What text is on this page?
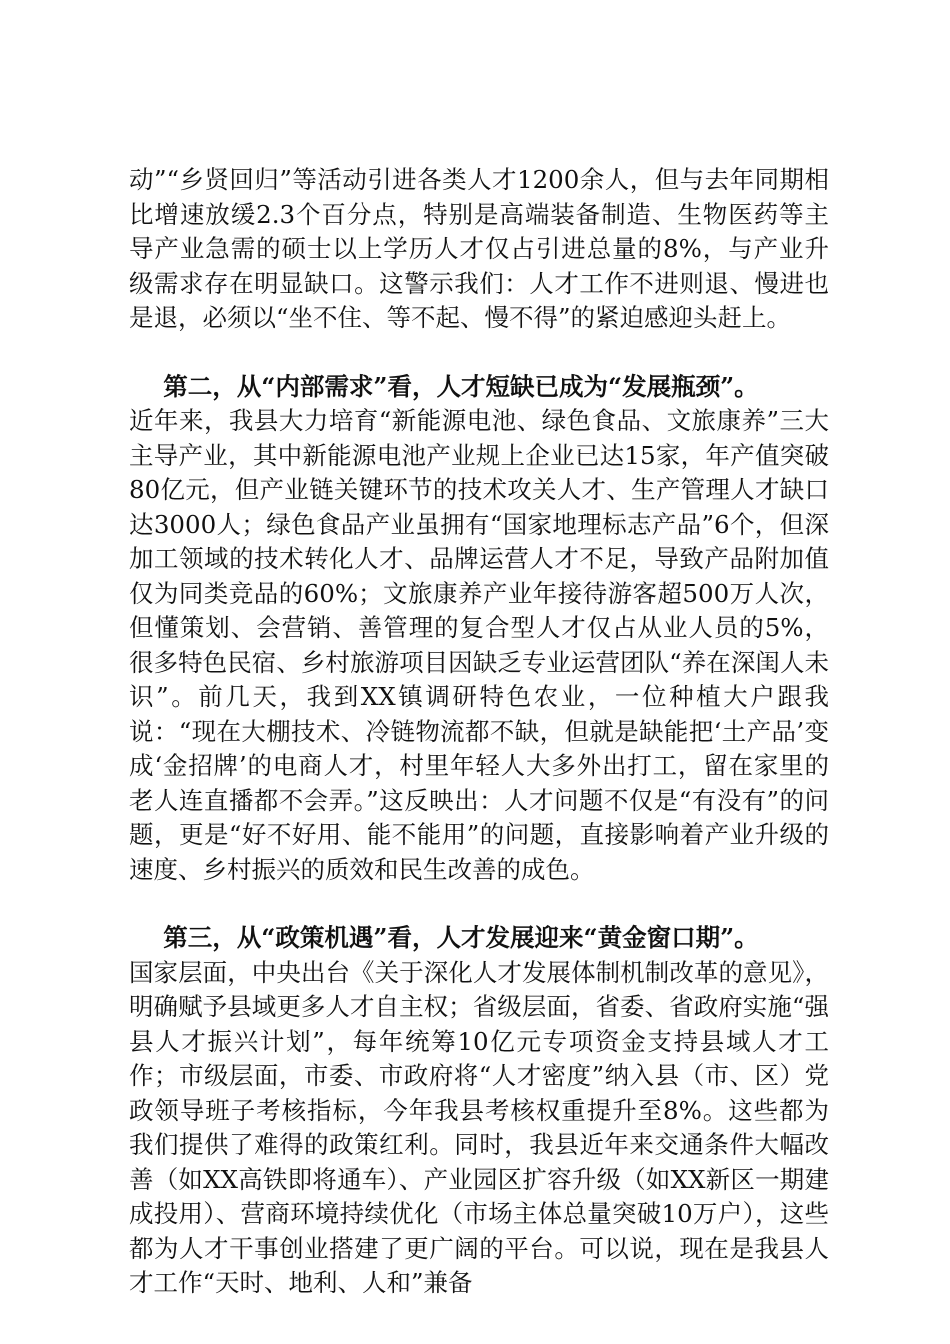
动”“乡贤回归”等活动引进各类人才1200余人，但与去年同期相比增速放缓2.3个百分点，特别是高端装备制造、生物医药等主导产业急需的硕士以上学历人才仅占引进总量的8%，与产业升级需求存在明显缺口。这警示我们：人才工作不进则退、慢进也是退，必须以“坐不住、等不起、慢不得”的紧迫感迎头赶上。

第二，从“内部需求”看，人才短缺已成为“发展瓶颈”。
近年来，我县大力培育“新能源电池、绿色食品、文旅康养”三大主导产业，其中新能源电池产业规上企业已达15家，年产值突破80亿元，但产业链关键环节的技术攻关人才、生产管理人才缺口达3000人；绿色食品产业虽拥有“国家地理标志产品”6个，但深加工领域的技术转化人才、品牌运营人才不足，导致产品附加值仅为同类竞品的60%；文旅康养产业年接待游客超500万人次，但懂策划、会营销、善管理的复合型人才仅占从业人员的5%，很多特色民宿、乡村旅游项目因缺乏专业运营团队“养在深闺人未识”。前几天，我到XX镇调研特色农业，一位种植大户跟我说：“现在大棚技术、冷链物流都不缺，但就是缺能把‘土产品’变成‘金招牌’的电商人才，村里年轻人大多外出打工，留在家里的老人连直播都不会弄。”这反映出：人才问题不仅是“有没有”的问题，更是“好不好用、能不能用”的问题，直接影响着产业升级的速度、乡村振兴的质效和民生改善的成色。

第三，从“政策机遇”看，人才发展迎来“黄金窗口期”。
国家层面，中央出台《关于深化人才发展体制机制改革的意见》，明确赋予县域更多人才自主权；省级层面，省委、省政府实施“强县人才振兴计划”，每年统筹10亿元专项资金支持县域人才工作；市级层面，市委、市政府将“人才密度”纳入县（市、区）党政领导班子考核指标，今年我县考核权重提升至8%。这些都为我们提供了难得的政策红利。同时，我县近年来交通条件大幅改善（如XX高铁即将通车）、产业园区扩容升级（如XX新区一期建成投用）、营商环境持续优化（市场主体总量突破10万户），这些都为人才干事创业搭建了更广阔的平台。可以说，现在是我县人才工作“天时、地利、人和”兼备
